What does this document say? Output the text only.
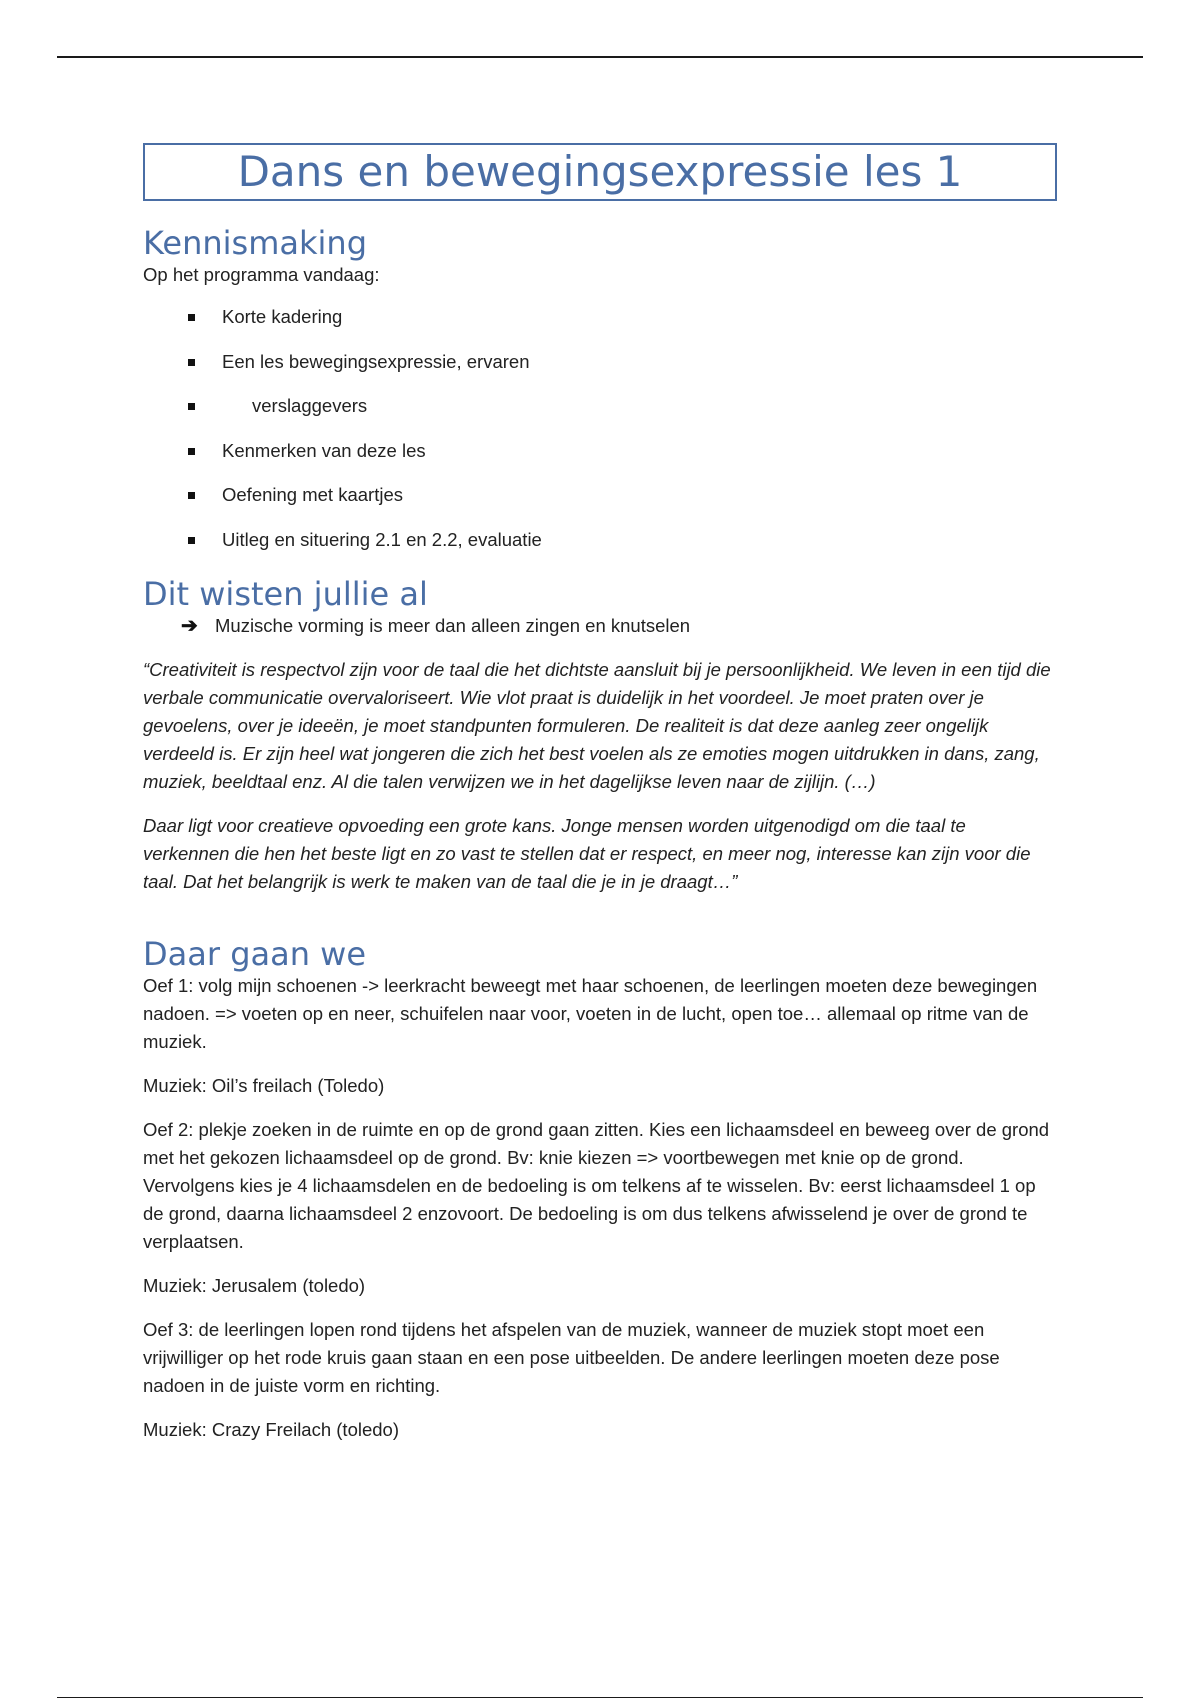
Dans en bewegingsexpressie les 1
Kennismaking

Op het programma vandaag:

Korte kadering
Een les bewegingsexpressie, ervaren
verslaggevers
Kenmerken van deze les
Oefening met kaartjes
Uitleg en situering 2.1 en 2.2, evaluatie
Dit wisten jullie al
➔ Muzische vorming is meer dan alleen zingen en knutselen

“Creativiteit is respectvol zijn voor de taal die het dichtste aansluit bij je persoonlijkheid. We leven in een tijd die verbale communicatie overvaloriseert. Wie vlot praat is duidelijk in het voordeel. Je moet praten over je gevoelens, over je ideeën, je moet standpunten formuleren. De realiteit is dat deze aanleg zeer ongelijk verdeeld is. Er zijn heel wat jongeren die zich het best voelen als ze emoties mogen uitdrukken in dans, zang, muziek, beeldtaal enz. Al die talen verwijzen we in het dagelijkse leven naar de zijlijn. (…)

Daar ligt voor creatieve opvoeding een grote kans. Jonge mensen worden uitgenodigd om die taal te verkennen die hen het beste ligt en zo vast te stellen dat er respect, en meer nog, interesse kan zijn voor die taal. Dat het belangrijk is werk te maken van de taal die je in je draagt…”

Daar gaan we

Oef 1: volg mijn schoenen -> leerkracht beweegt met haar schoenen, de leerlingen moeten deze bewegingen nadoen. => voeten op en neer, schuifelen naar voor, voeten in de lucht, open toe… allemaal op ritme van de muziek.

Muziek: Oil’s freilach (Toledo)

Oef 2: plekje zoeken in de ruimte en op de grond gaan zitten. Kies een lichaamsdeel en beweeg over de grond met het gekozen lichaamsdeel op de grond. Bv: knie kiezen => voortbewegen met knie op de grond. Vervolgens kies je 4 lichaamsdelen en de bedoeling is om telkens af te wisselen. Bv: eerst lichaamsdeel 1 op de grond, daarna lichaamsdeel 2 enzovoort. De bedoeling is om dus telkens afwisselend je over de grond te verplaatsen.

Muziek: Jerusalem (toledo)

Oef 3: de leerlingen lopen rond tijdens het afspelen van de muziek, wanneer de muziek stopt moet een vrijwilliger op het rode kruis gaan staan en een pose uitbeelden. De andere leerlingen moeten deze pose nadoen in de juiste vorm en richting.

Muziek: Crazy Freilach (toledo)
